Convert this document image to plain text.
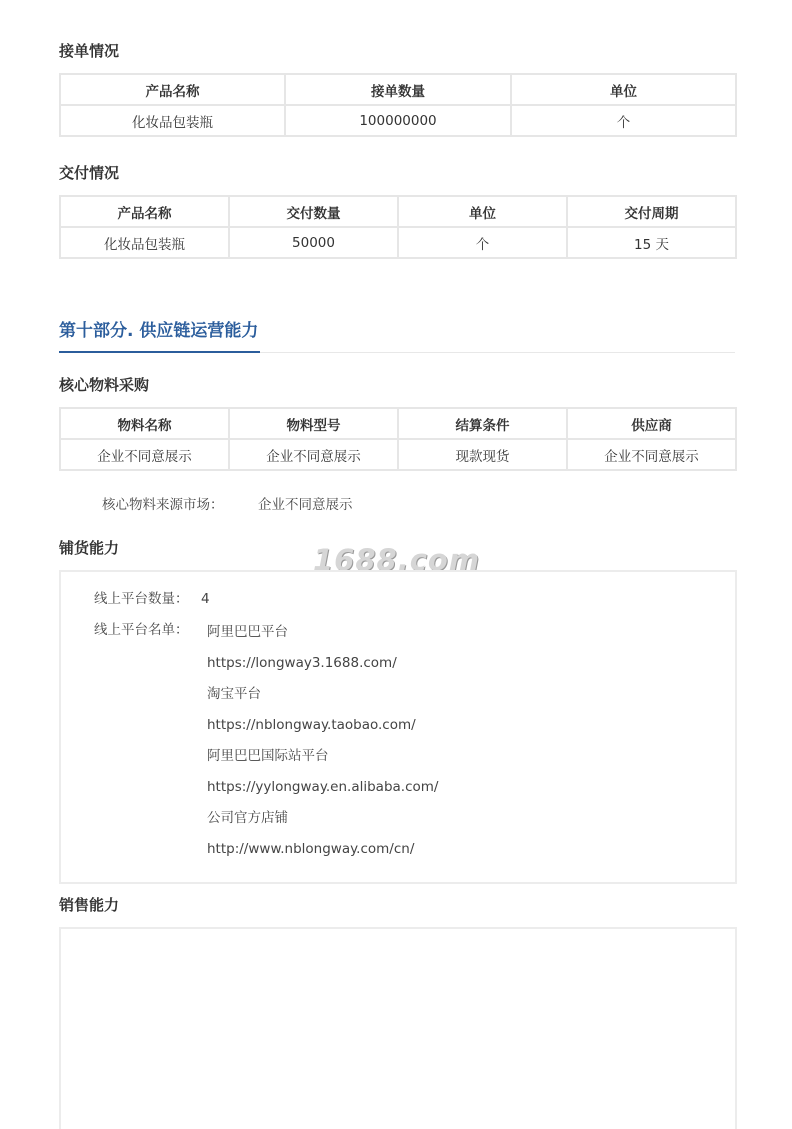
接单情况
产品名称	接单数量	单位
化妆品包装瓶	100000000	个
交付情况
产品名称	交付数量	单位	交付周期
化妆品包装瓶	50000	个	15 天
第十部分. 供应链运营能力
核心物料采购
物料名称	物料型号	结算条件	供应商
企业不同意展示	企业不同意展示	现款现货	企业不同意展示
核心物料来源市场：	企业不同意展示
铺货能力	1688.com
线上平台数量： 4
线上平台名单： 阿里巴巴平台
https://longway3.1688.com/
淘宝平台
https://nblongway.taobao.com/
阿里巴巴国际站平台
https://yylongway.en.alibaba.com/
公司官方店铺
http://www.nblongway.com/cn/
销售能力
